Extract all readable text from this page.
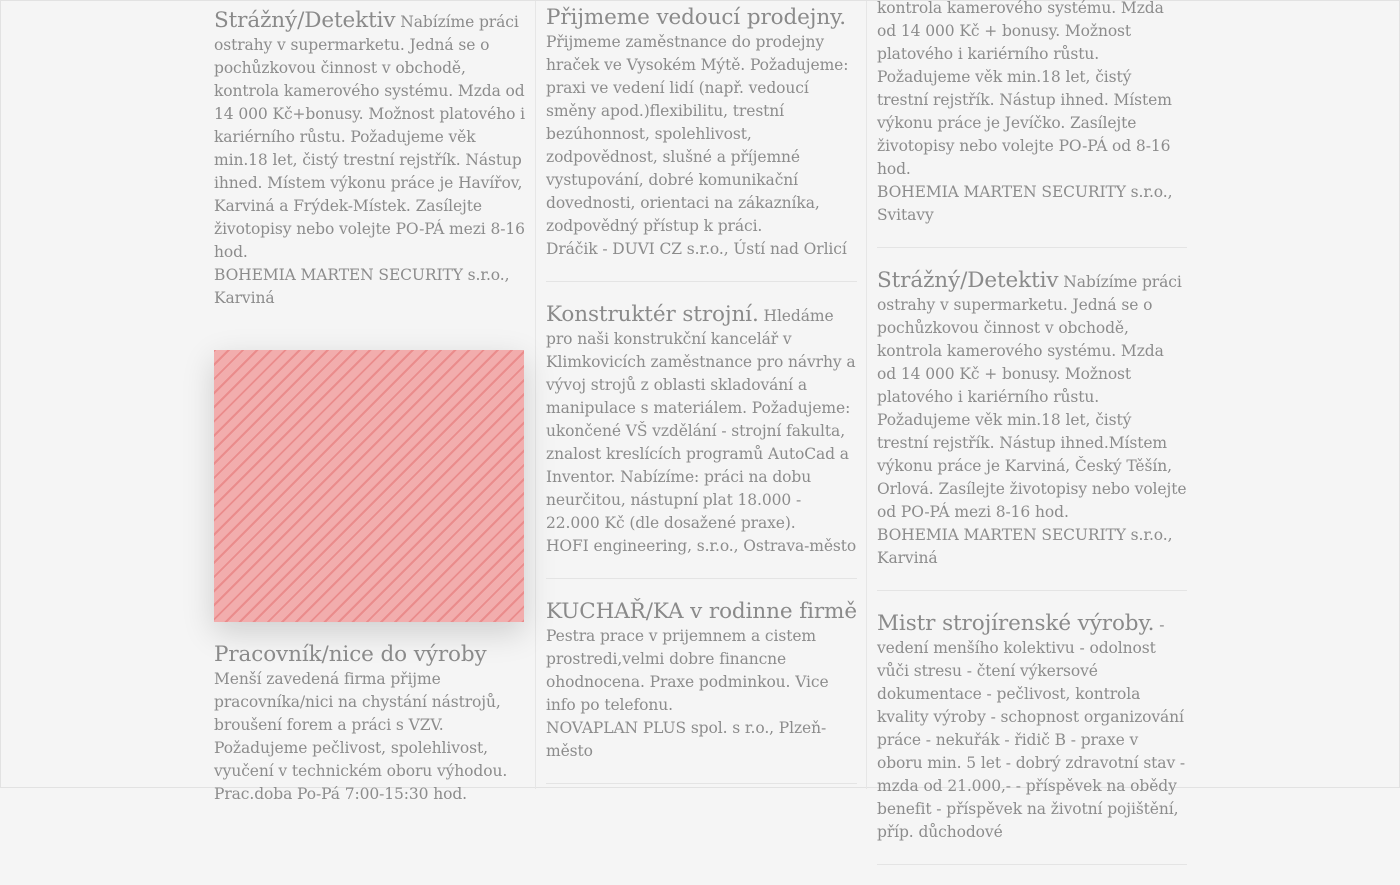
Strážný/Detektiv Nabízíme práci ostrahy v supermarketu. Jedná se o pochůzkovou činnost v obchodě, kontrola kamerového systému. Mzda od 14 000 Kč+bonusy. Možnost platového i kariérního růstu. Požadujeme věk min.18 let, čistý trestní rejstřík. Nástup ihned. Místem výkonu práce je Havířov, Karviná a Frýdek-Místek. Zasílejte životopisy nebo volejte PO-PÁ mezi 8-16 hod.
BOHEMIA MARTEN SECURITY s.r.o., Karviná

Pracovník/nice do výroby Menší zavedená firma přijme pracovníka/nici na chystání nástrojů, broušení forem a práci s VZV. Požadujeme pečlivost, spolehlivost, vyučení v technickém oboru výhodou. Prac.doba Po-Pá 7:00-15:30 hod.

Přijmeme vedoucí prodejny. Přijmeme zaměstnance do prodejny hraček ve Vysokém Mýtě. Požadujeme: praxi ve vedení lidí (např. vedoucí směny apod.)flexibilitu, trestní bezúhonnost, spolehlivost, zodpovědnost, slušné a příjemné vystupování, dobré komunikační dovednosti, orientaci na zákazníka, zodpovědný přístup k práci.
Dráčik - DUVI CZ s.r.o., Ústí nad Orlicí

Konstruktér strojní. Hledáme pro naši konstrukční kancelář v Klimkovicích zaměstnance pro návrhy a vývoj strojů z oblasti skladování a manipulace s materiálem. Požadujeme: ukončené VŠ vzdělání - strojní fakulta, znalost kreslících programů AutoCad a Inventor. Nabízíme: práci na dobu neurčitou, nástupní plat 18.000 - 22.000 Kč (dle dosažené praxe).
HOFI engineering, s.r.o., Ostrava-město

KUCHAŘ/KA v rodinne firmě
Pestra prace v prijemnem a cistem prostredi,velmi dobre financne ohodnocena. Praxe podminkou. Vice info po telefonu.
NOVAPLAN PLUS spol. s r.o., Plzeň-město

kontrola kamerového systému. Mzda od 14 000 Kč + bonusy. Možnost platového i kariérního růstu. Požadujeme věk min.18 let, čistý trestní rejstřík. Nástup ihned. Místem výkonu práce je Jevíčko. Zasílejte životopisy nebo volejte PO-PÁ od 8-16 hod.
BOHEMIA MARTEN SECURITY s.r.o., Svitavy

Strážný/Detektiv Nabízíme práci ostrahy v supermarketu. Jedná se o pochůzkovou činnost v obchodě, kontrola kamerového systému. Mzda od 14 000 Kč + bonusy. Možnost platového i kariérního růstu. Požadujeme věk min.18 let, čistý trestní rejstřík. Nástup ihned.Místem výkonu práce je Karviná, Český Těšín, Orlová. Zasílejte životopisy nebo volejte od PO-PÁ mezi 8-16 hod.
BOHEMIA MARTEN SECURITY s.r.o., Karviná

Mistr strojírenské výroby. - vedení menšího kolektivu - odolnost vůči stresu - čtení výkersové dokumentace - pečlivost, kontrola kvality výroby - schopnost organizování práce - nekuřák - řidič B - praxe v oboru min. 5 let - dobrý zdravotní stav - mzda od 21.000,- - příspěvek na obědy benefit - příspěvek na životní pojištění, příp. důchodové
